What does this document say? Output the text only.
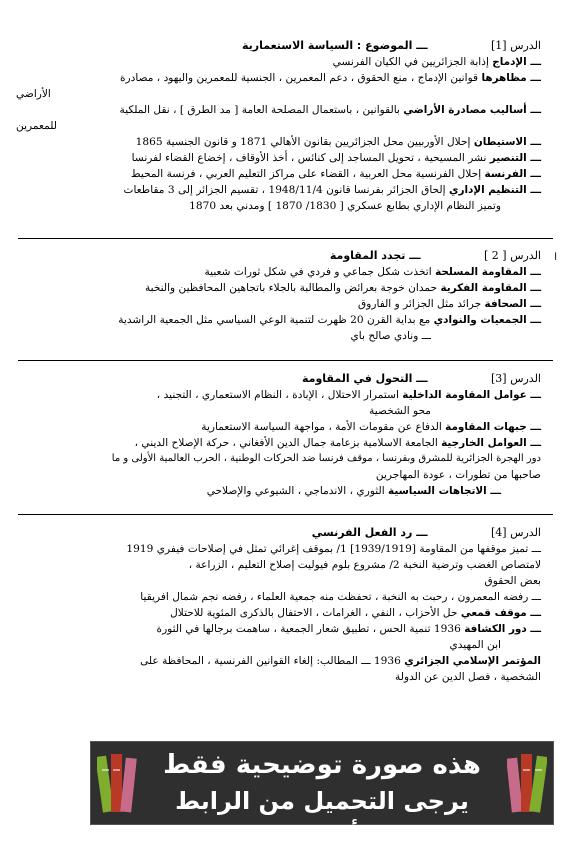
الدرس [1] ـــ الموضوع : السياسة الاستعمارية
ـــ الإدماج إذابة الجزائريين في الكيان الفرنسي
ـــ مظاهرها قوانين الإدماج ، منع الحقوق ، دعم المعمرين ، الجنسية للمعمرين واليهود ، مصادرة
الأراضي
ـــ أساليب مصادرة الأراضي بالقوانين ، باستعمال المصلحة العامة [ مد الطرق ] ، نقل الملكية
للمعمرين
ـــ الاستيطان إحلال الأوربيين محل الجزائريين بقانون الأهالي 1871 و قانون الجنسية 1865
ـــ التنصير نشر المسيحية ، تحويل المساجد إلى كنائس ، أخذ الأوقاف ، إخضاع القضاء لفرنسا
ـــ الفرنسة إحلال الفرنسية محل العربية ، القضاء على مراكز التعليم العربي ، فرنسة المحيط
ـــ التنظيم الإداري إلحاق الجزائر بفرنسا قانون 1948/11/4 ، تقسيم الجزائر إلى 3 مقاطعات
وتميز النظام الإداري بطابع عسكري [ 1830/ 1870 ] ومدني بعد 1870
ا
الدرس [ 2 ] ـــ تجدد المقاومة
ـــ المقاومة المسلحة اتخذت شكل جماعي و فردي في شكل ثورات شعبية
ـــ المقاومة الفكرية حمدان خوجة بعرائض والمطالبة بالجلاء باتجاهين المحافظين والنخبة
ـــ الصحافة جرائد مثل الجزائر و الفاروق
ـــ الجمعيات والنوادي مع بداية القرن 20 ظهرت لتنمية الوعي السياسي مثل الجمعية الراشدية
ـــ ونادي صالح باي
الدرس [3] ـــ التحول في المقاومة
ـــ عوامل المقاومة الداخلية استمرار الاحتلال ، الإبادة ، النظام الاستعماري ، التجنيد ،
محو الشخصية
ـــ جبهات المقاومة الدفاع عن مقومات الأمة ، مواجهة السياسة الاستعمارية
ـــ العوامل الخارجية الجامعة الاسلامية بزعامة جمال الدين الأفغاني ، حركة الإصلاح الديني ،
دور الهجرة الجزائرية للمشرق وبفرنسا ، موقف فرنسا ضد الحركات الوطنية ، الحرب العالمية الأولى و ما
صاحبها من تطورات ، عودة المهاجرين
ـــ الاتجاهات السياسية الثوري ، الاندماجي ، الشيوعي والإصلاحي
الدرس [4] ـــ رد الفعل الفرنسي
ـــ تميز موقفها من المقاومة [1939/1919] 1/ بموقف إغرائي تمثل في إصلاحات فيفري 1919
لامتصاص الغضب وترضية النخبة 2/ مشروع بلوم فيوليت إصلاح التعليم ، الزراعة ،
بعض الحقوق
ـــ رفضه المعمرون ، رحبت به النخبة ، تحفظت منه جمعية العلماء ، رفضه نجم شمال افريقيا
ـــ موقف قمعي حل الأحزاب ، النفي ، الغرامات ، الاحتفال بالذكرى المئوية للاحتلال
ـــ دور الكشافة 1936 تنمية الحس ، تطبيق شعار الجمعية ، ساهمت برجالها في الثورة
ابن المهيدي
المؤتمر الإسلامي الجزائري 1936 ـــ المطالب: إلغاء القوانين الفرنسية ، المحافظة على
الشخصية ، فصل الدين عن الدولة
هذه صورة توضيحية فقط
يرجى التحميل من الرابط أسفله
